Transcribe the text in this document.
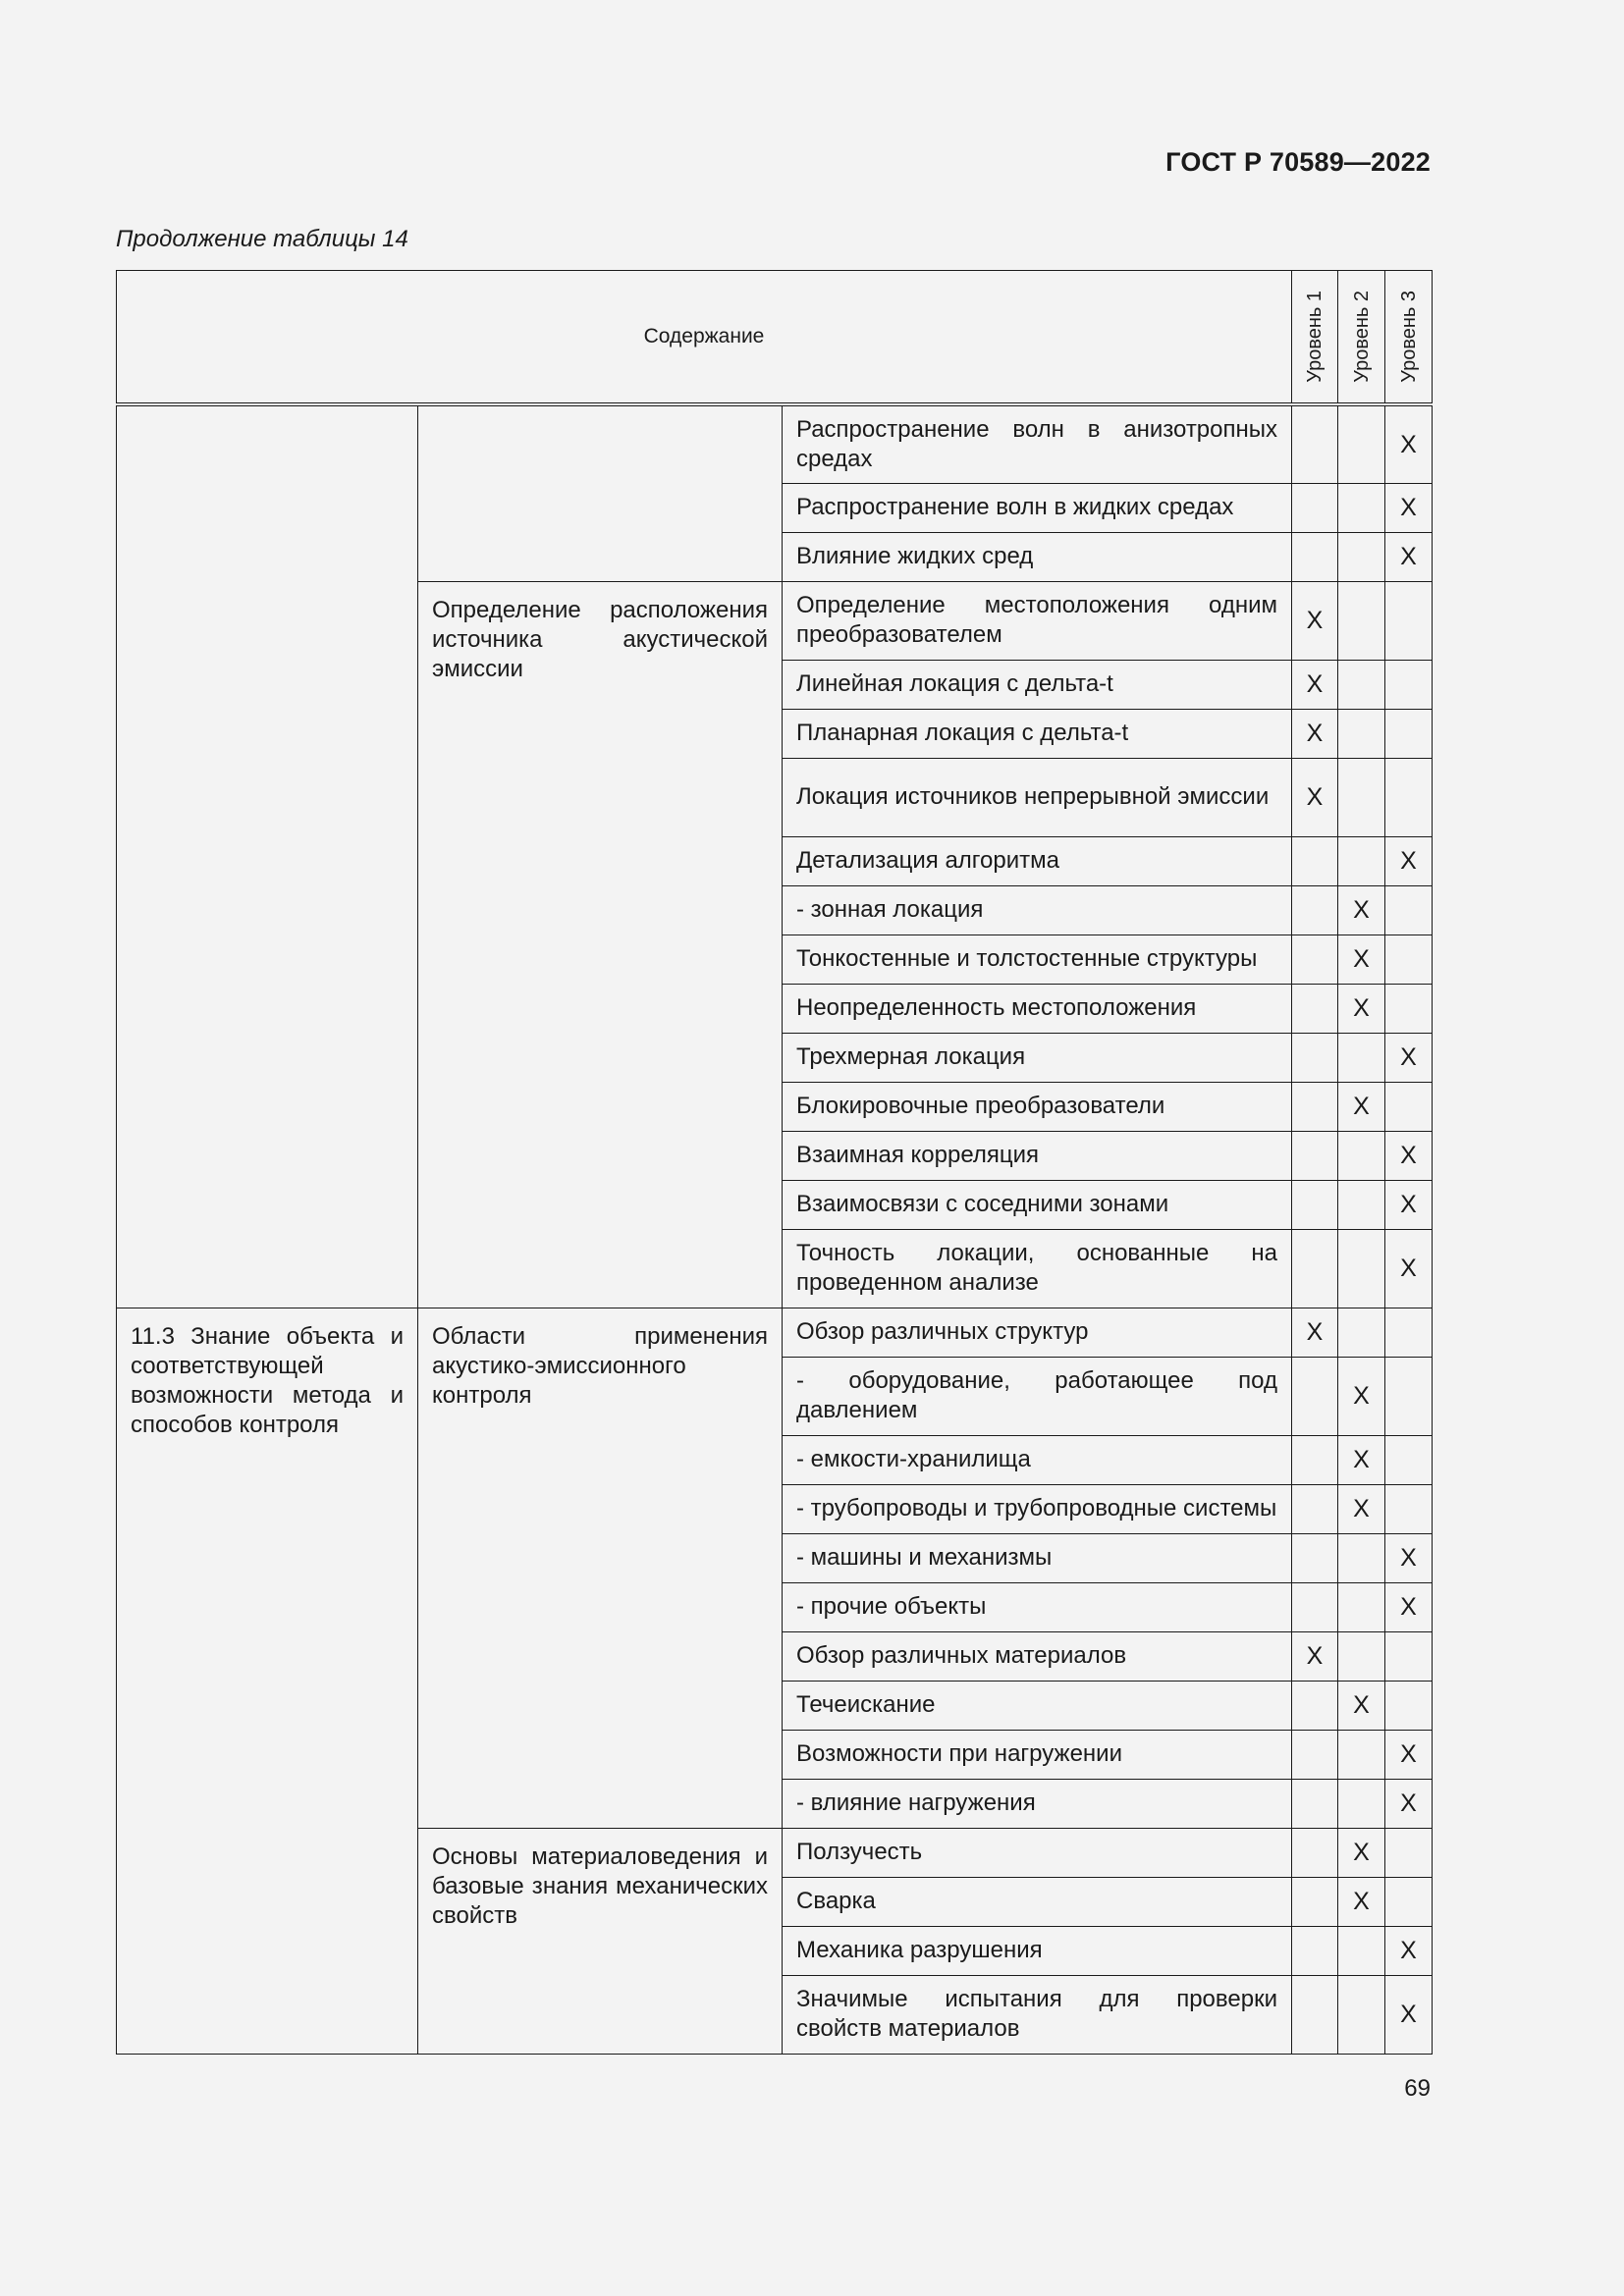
ГОСТ Р 70589—2022
Продолжение таблицы 14
Содержание			Уровень 1	Уровень 2	Уровень 3

		Распространение волн в анизотропных средах			X
		Распространение волн в жидких средах			X
		Влияние жидких сред			X
	Определение расположения источника акустической эмиссии	Определение местоположения одним преобразователем	X		
		Линейная локация с дельта-t	X		
		Планарная локация с дельта-t	X		
		Локация источников непрерывной эмиссии	X		
		Детализация алгоритма			X
		- зонная локация		X	
		Тонкостенные и толстостенные структуры		X	
		Неопределенность местоположения		X	
		Трехмерная локация			X
		Блокировочные преобразователи		X	
		Взаимная корреляция			X
		Взаимосвязи с соседними зонами			X
		Точность локации, основанные на проведенном анализе			X
11.3 Знание объекта и соответствующей возможности метода и способов контроля	Области применения акустико-эмиссионного контроля	Обзор различных структур	X		
		- оборудование, работающее под давлением		X	
		- емкости-хранилища		X	
		- трубопроводы и трубопроводные системы		X	
		- машины и механизмы			X
		- прочие объекты			X
		Обзор различных материалов	X		
		Течеискание		X	
		Возможности при нагружении			X
		- влияние нагружения			X
	Основы материаловедения и базовые знания механических свойств	Ползучесть		X	
		Сварка		X	
		Механика разрушения			X
		Значимые испытания для проверки свойств материалов			X
69
